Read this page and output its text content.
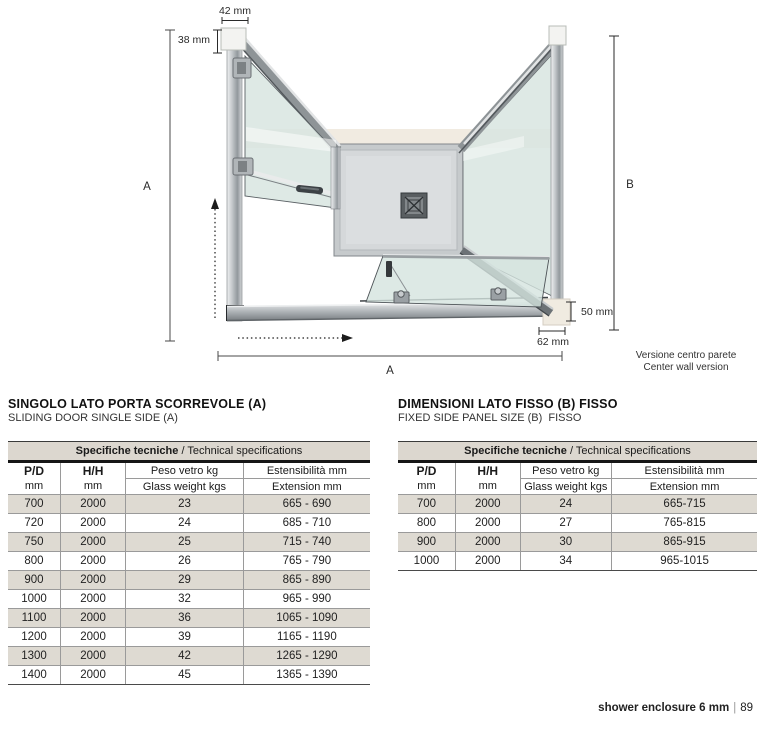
42 mm
38 mm
A	B
A
50 mm
62 mm
Versione centro parete
Center wall version
SINGOLO LATO PORTA SCORREVOLE (A)
SLIDING DOOR SINGLE SIDE (A)
Specifiche tecniche / Technical specifications			
P/D	H/H	Peso vetro kg	Estensibilità mm
mm	mm	Glass weight kgs	Extension mm
700	2000	23	665 - 690
720	2000	24	685 - 710
750	2000	25	715 - 740
800	2000	26	765 - 790
900	2000	29	865 - 890
1000	2000	32	965 - 990
1100	2000	36	1065 - 1090
1200	2000	39	1165 - 1190
1300	2000	42	1265 - 1290
1400	2000	45	1365 - 1390
DIMENSIONI LATO FISSO (B) FISSO
FIXED SIDE PANEL SIZE (B)  FISSO
Specifiche tecniche / Technical specifications			
P/D	H/H	Peso vetro kg	Estensibilità mm
mm	mm	Glass weight kgs	Extension mm
700	2000	24	665-715
800	2000	27	765-815
900	2000	30	865-915
1000	2000	34	965-1015
shower enclosure 6 mm | 89
